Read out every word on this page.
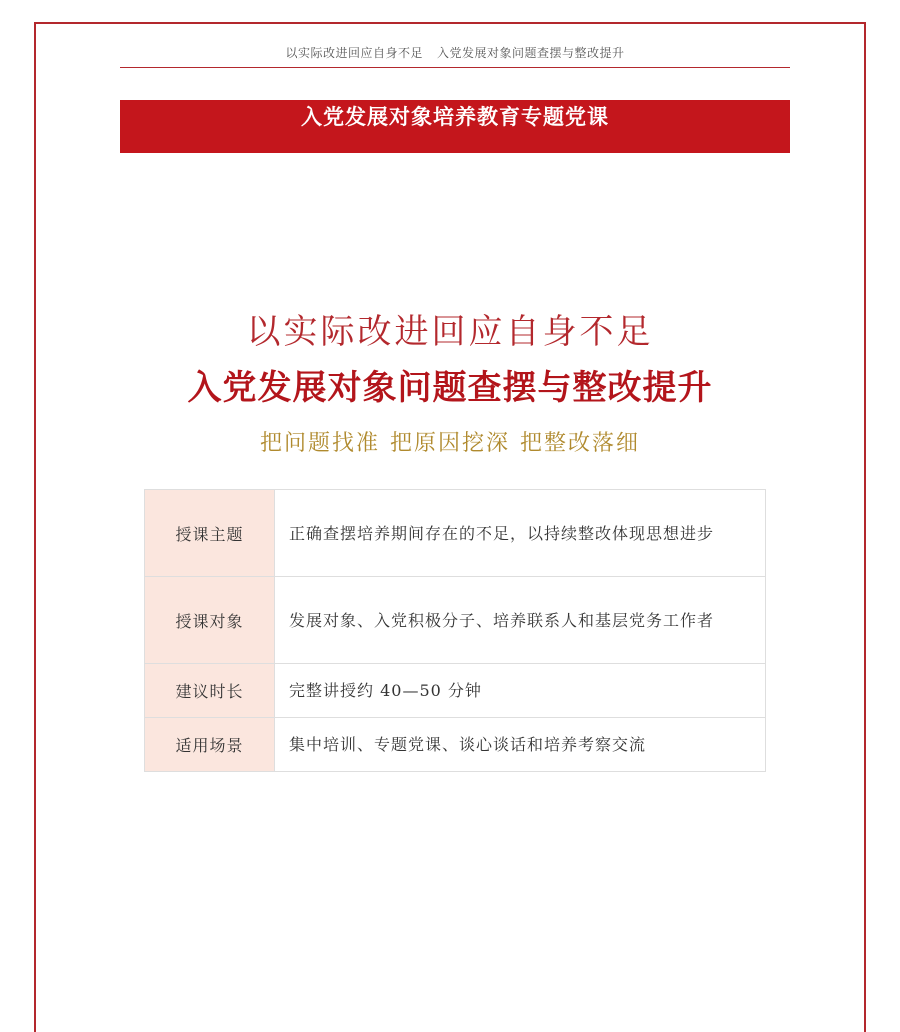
以实际改进回应自身不足 入党发展对象问题查摆与整改提升
入党发展对象培养教育专题党课
以实际改进回应自身不足
入党发展对象问题查摆与整改提升
把问题找准 把原因挖深 把整改落细
授课主题	正确查摆培养期间存在的不足，以持续整改体现思想进步
授课对象	发展对象、入党积极分子、培养联系人和基层党务工作者
建议时长	完整讲授约 40—50 分钟
适用场景	集中培训、专题党课、谈心谈话和培养考察交流
